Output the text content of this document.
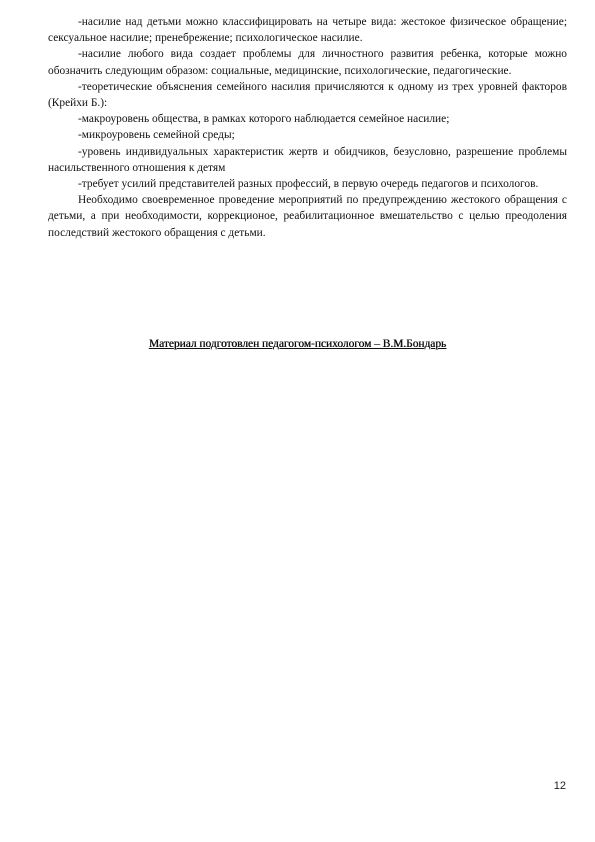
-насилие над детьми можно классифицировать на четыре вида: жестокое физическое обращение; сексуальное насилие; пренебрежение; психологическое насилие.

-насилие любого вида создает проблемы для личностного развития ребенка, которые можно обозначить следующим образом: социальные, медицинские, психологические, педагогические.

-теоретические объяснения семейного насилия причисляются к одному из трех уровней факторов (Крейхи Б.):

-макроуровень общества, в рамках которого наблюдается семейное насилие;

-микроуровень семейной среды;

-уровень индивидуальных характеристик жертв и обидчиков, безусловно, разрешение проблемы насильственного отношения к детям

-требует усилий представителей разных профессий, в первую очередь педагогов и психологов.

Необходимо своевременное проведение мероприятий по предупреждению жестокого обращения с детьми, а при необходимости, коррекционое, реабилитационное вмешательство с целью преодоления последствий жестокого обращения с детьми.

Материал подготовлен педагогом-психологом – В.М.Бондарь
12
